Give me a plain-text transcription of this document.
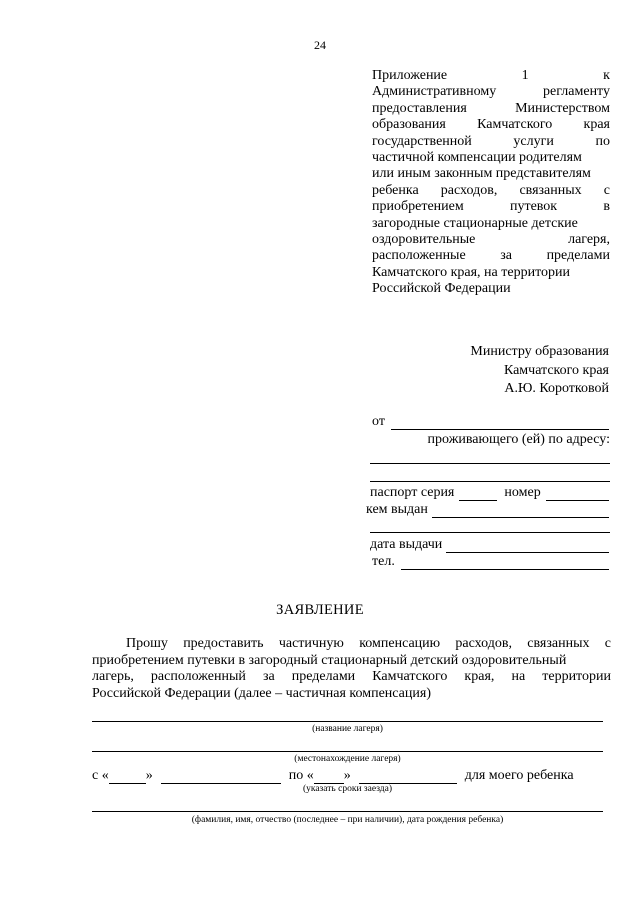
24
Приложение	1	к
Административному	регламенту
предоставления	Министерством
образования Камчатского края
государственной	услуги	по
частичной компенсации родителям
или иным законным представителям
ребенка расходов, связанных с
приобретением	путевок	в
загородные стационарные детские
оздоровительные	лагеря,
расположенные за пределами
Камчатского края, на территории
Российской Федерации
Министру образования
Камчатского края
А.Ю. Коротковой
от
проживающего (ей) по адресу:
паспорт серия	номер
кем выдан
дата выдачи
тел.
ЗАЯВЛЕНИЕ
Прошу предоставить частичную компенсацию расходов, связанных с
приобретением путевки в загородный стационарный детский оздоровительный
лагерь, расположенный за пределами Камчатского края, на территории
Российской Федерации (далее – частичная компенсация)
(название лагеря)
(местонахождение лагеря)
с «	»	по « »	для моего ребенка
(указать сроки заезда)
(фамилия, имя, отчество (последнее – при наличии), дата рождения ребенка)
